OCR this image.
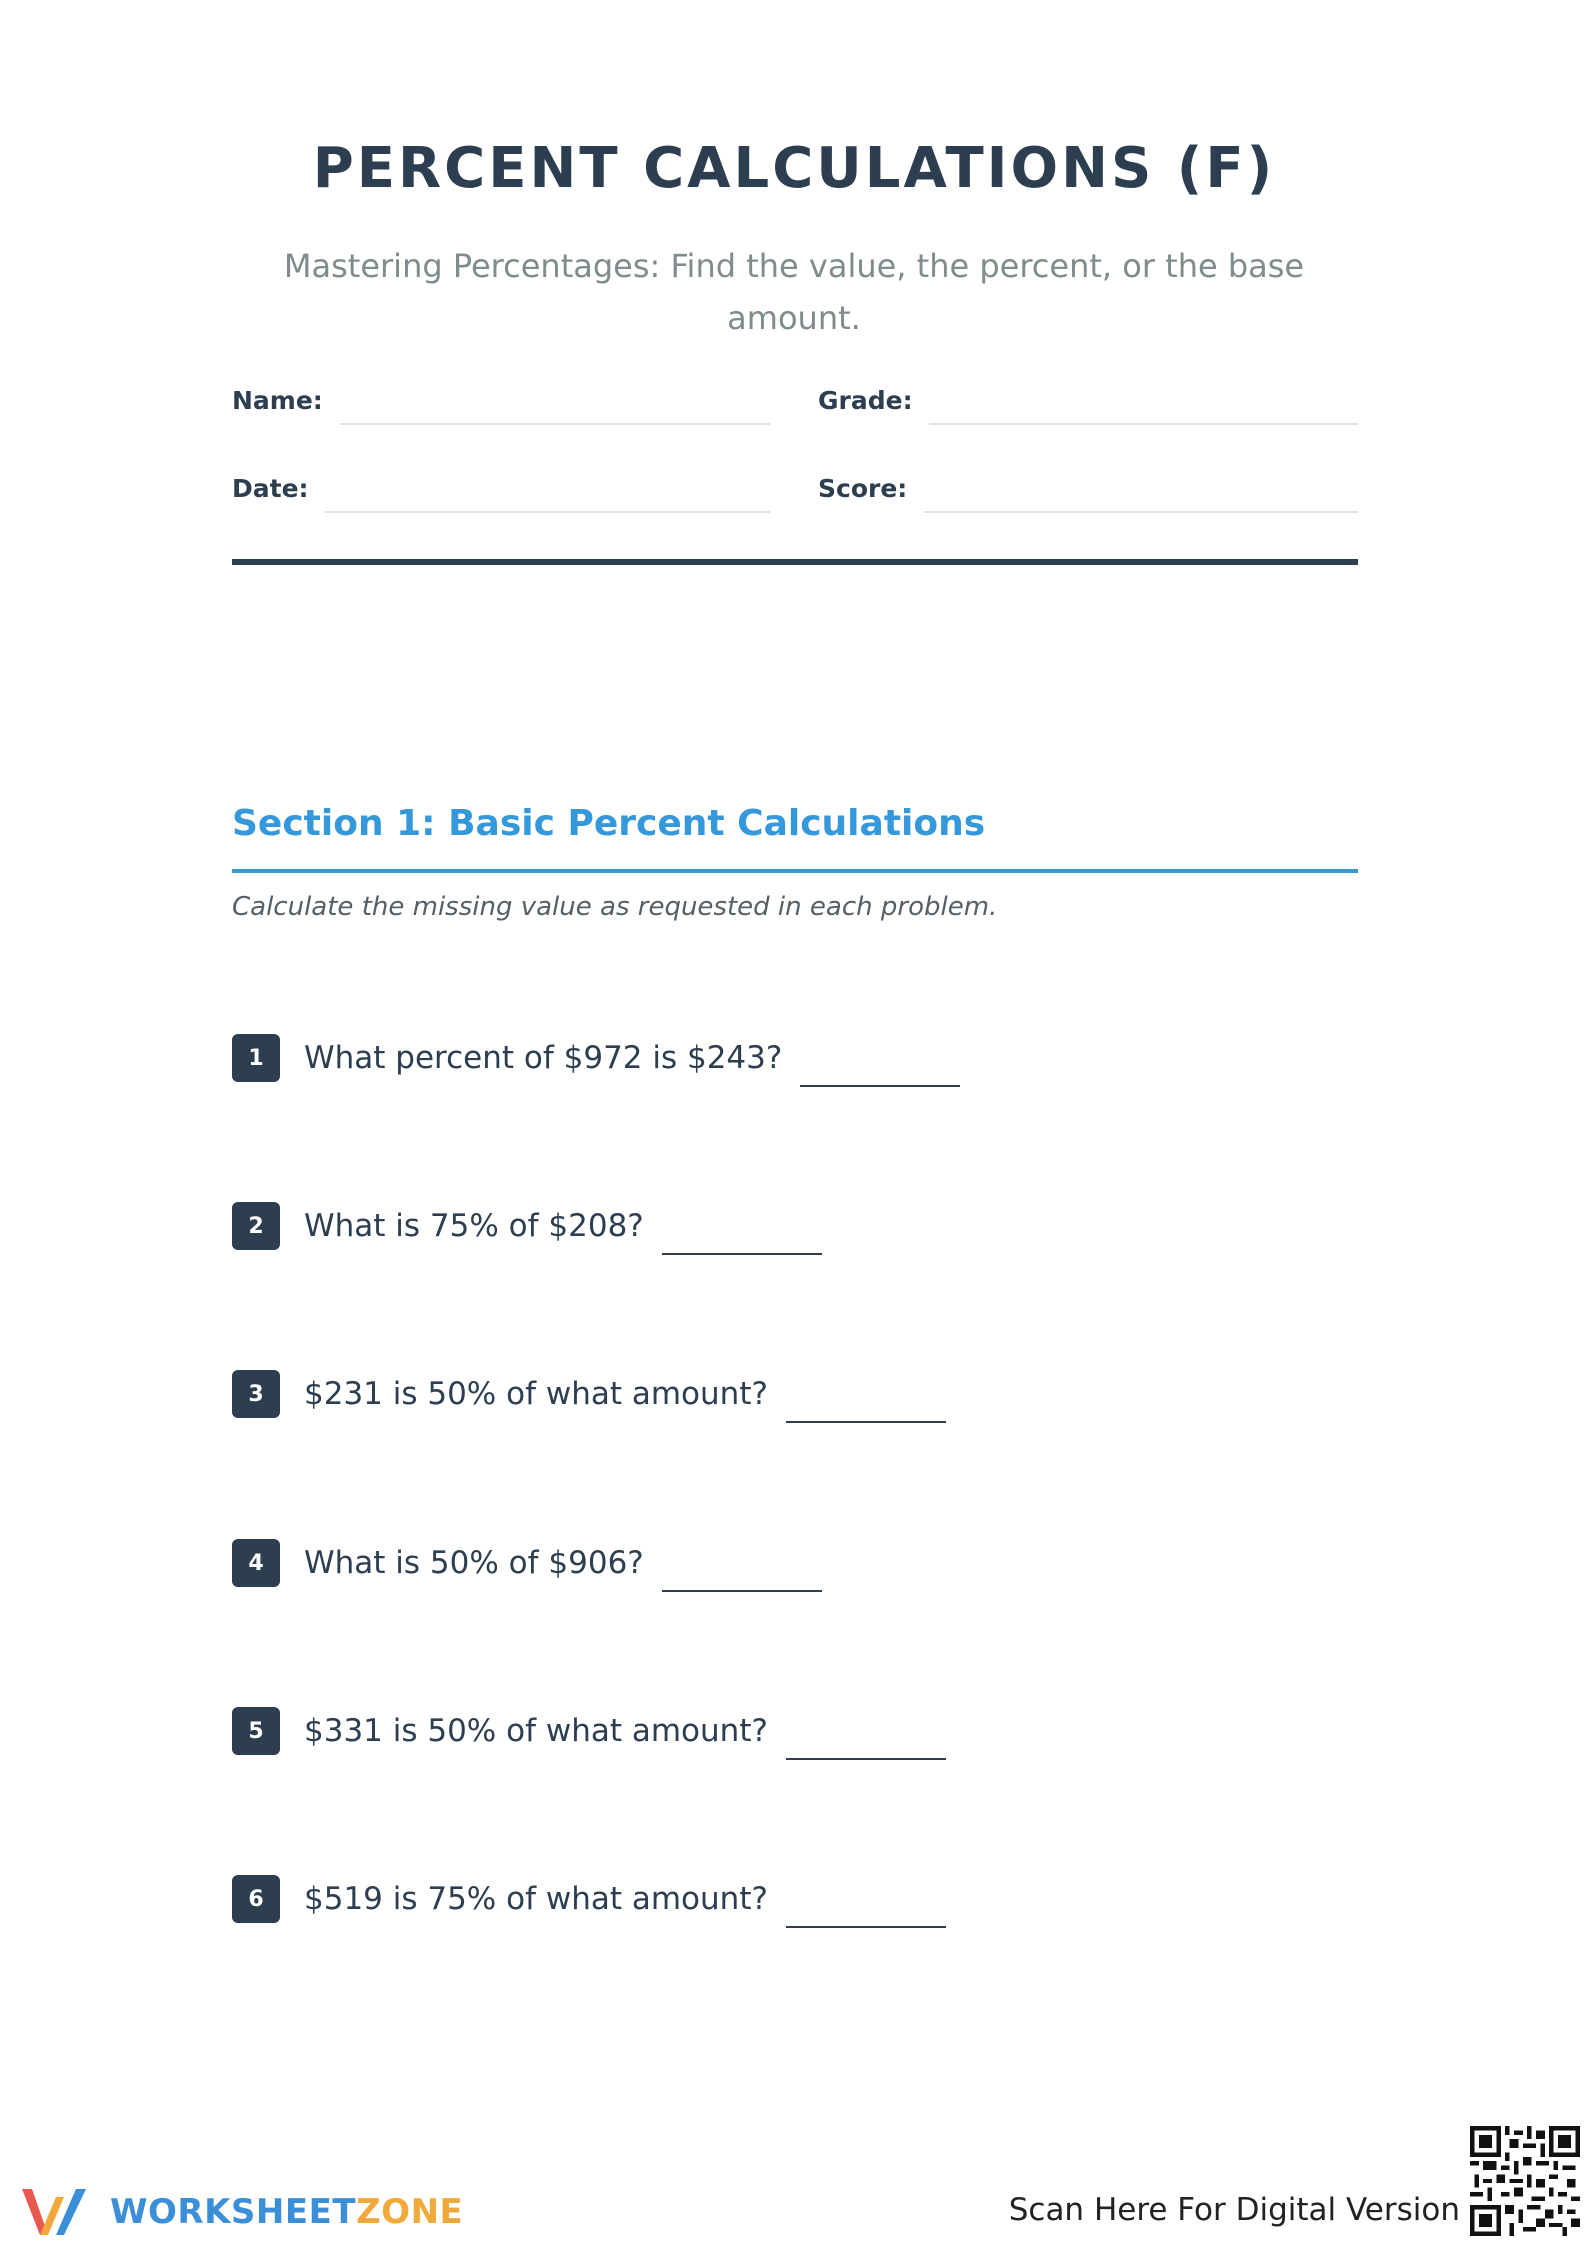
PERCENT CALCULATIONS (F)
Mastering Percentages: Find the value, the percent, or the base amount.
Name:	Grade:
Date:	Score:
Section 1: Basic Percent Calculations
Calculate the missing value as requested in each problem.
1	What percent of $972 is $243?
2	What is 75% of $208?
3	$231 is 50% of what amount?
4	What is 50% of $906?
5	$331 is 50% of what amount?
6	$519 is 75% of what amount?
WORKSHEETZONE	Scan Here For Digital Version
